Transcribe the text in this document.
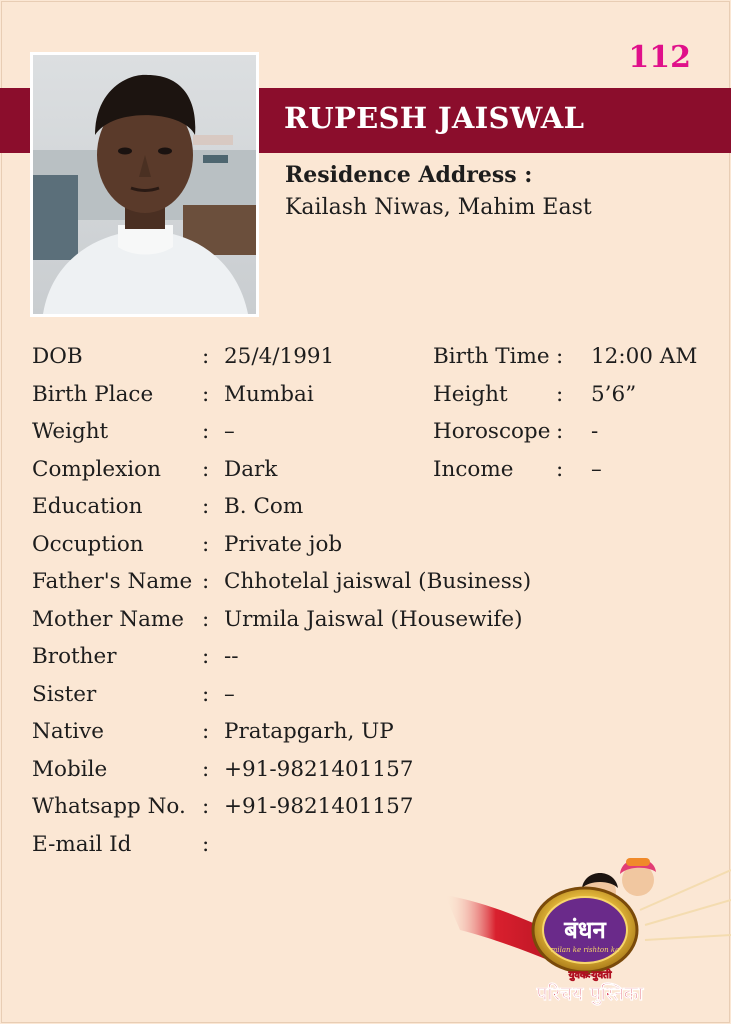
RUPESH JAISWAL
112
Residence Address :
Kailash Niwas, Mahim East
DOB	: 25/4/1991	Birth Time : 12:00 AM
Birth Place : Mumbai	Height : 5’6”
Weight	: –	Horoscope : -
Complexion : Dark	Income : –
Education	: B. Com
Occuption	: Private job
Father's Name : Chhotelal jaiswal (Business)
Mother Name : Urmila Jaiswal (Housewife)
Brother	: --
Sister	: –
Native	: Pratapgarh, UP
Mobile	: +91-9821401157
Whatsapp No. : +91-9821401157
E-mail Id	:
बंधन
milan ke rishton ka
युवक-युवती
परिचय पुस्तिका
